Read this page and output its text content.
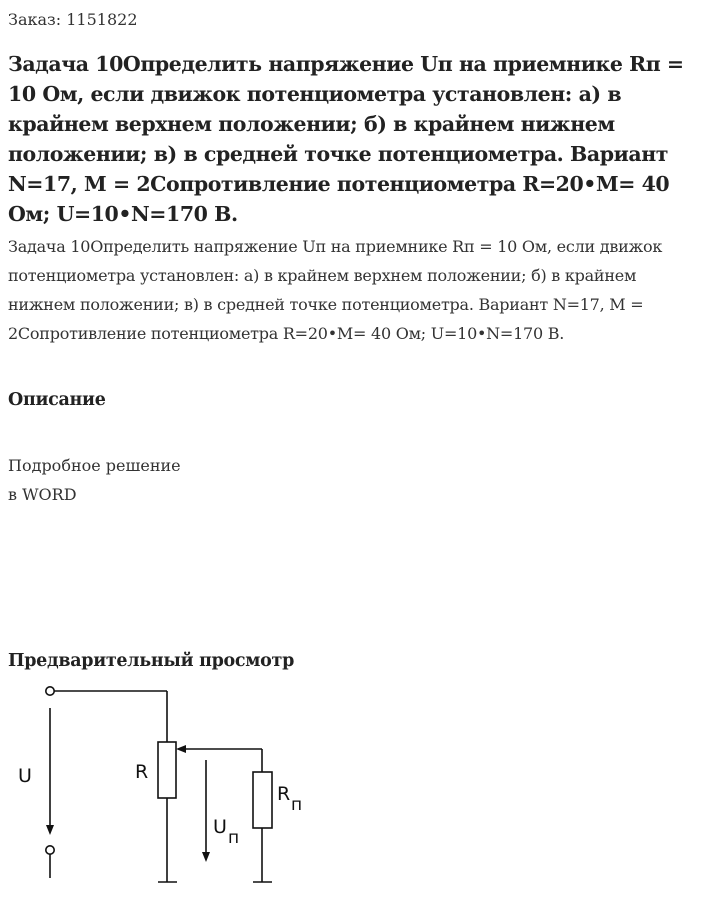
Заказ: 1151822
Задача 10Определить напряжение Uп на приемнике Rп = 10 Ом, если движок потенциометра установлен: а) в крайнем верхнем положении; б) в крайнем нижнем положении; в) в средней точке потенциометра. Вариант N=17, M = 2Сопротивление потенциометра R=20•M= 40 Ом; U=10•N=170 В.
Задача 10Определить напряжение Uп на приемнике Rп = 10 Ом, если движок потенциометра установлен: а) в крайнем верхнем положении; б) в крайнем нижнем положении; в) в средней точке потенциометра. Вариант N=17, M = 2Сопротивление потенциометра R=20•M= 40 Ом; U=10•N=170 В.
Описание
Подробное решение
в WORD
Предварительный просмотр
U	R
U п
R п
